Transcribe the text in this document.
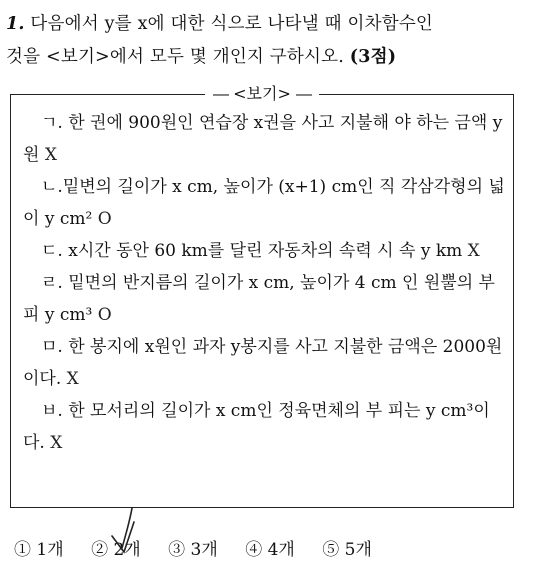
1. 다음에서 y를 x에 대한 식으로 나타낼 때 이차함수인
것을 <보기>에서 모두 몇 개인지 구하시오. (3점)
― <보기> ―
ㄱ. 한 권에 900원인 연습장 x권을 사고 지불해 야 하는 금액 y원 X
ㄴ.밑변의 길이가 x cm, 높이가 (x+1) cm인 직 각삼각형의 넓이 y cm² O
ㄷ. x시간 동안 60 km를 달린 자동차의 속력 시 속 y km X
ㄹ. 밑면의 반지름의 길이가 x cm, 높이가 4 cm 인 원뿔의 부피 y cm³ O
ㅁ. 한 봉지에 x원인 과자 y봉지를 사고 지불한 금액은 2000원이다. X
ㅂ. 한 모서리의 길이가 x cm인 정육면체의 부 피는 y cm³이다. X
① 1개 ② 2개 ③ 3개 ④ 4개 ⑤ 5개
